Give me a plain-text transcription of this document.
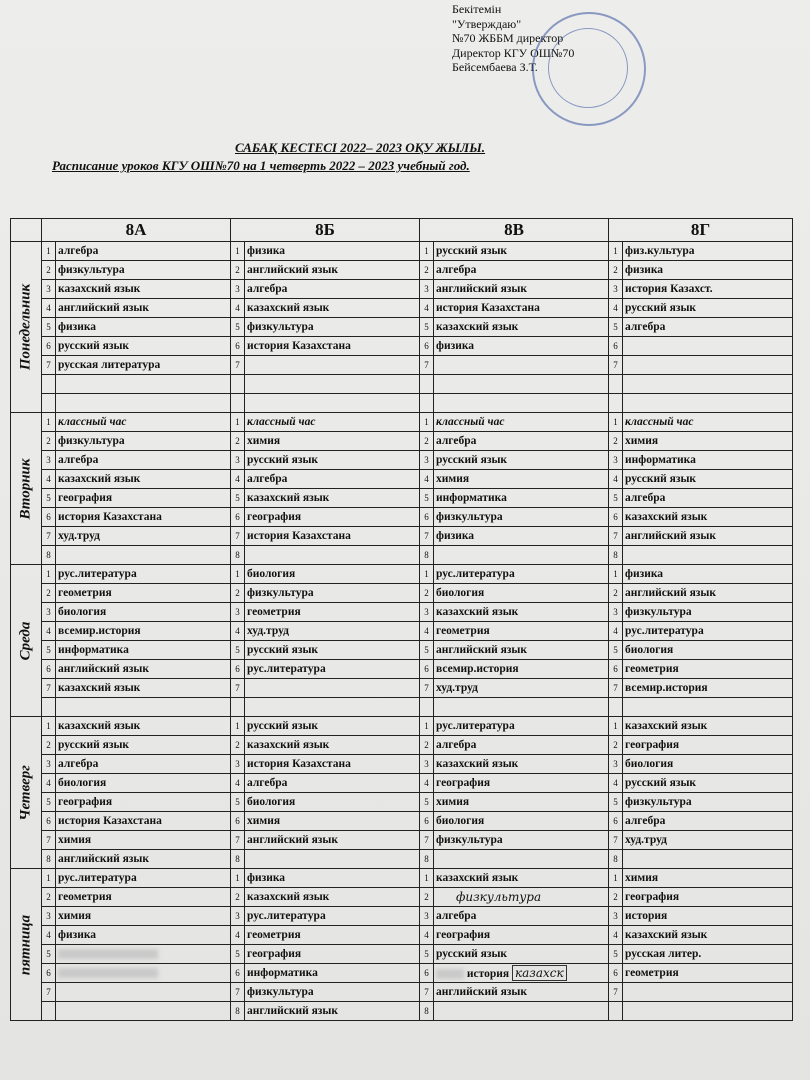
Бекітемін
"Утверждаю"
№70 ЖББМ директор
Директор КГУ ОШ№70
Бейсембаева З.Т.
САБАҚ КЕСТЕСІ 2022– 2023 ОҚУ ЖЫЛЫ.
Расписание уроков КГУ ОШ№70 на 1 четверть 2022 – 2023 учебный год.
	8А		8Б		8В		8Г	

Понедельник	1	алгебра	1	физика	1	русский язык	1	физ.культура
	2	физкультура	2	английский язык	2	алгебра	2	физика
	3	казахский язык	3	алгебра	3	английский язык	3	история Казахст.
	4	английский язык	4	казахский язык	4	история Казахстана	4	русский язык
	5	физика	5	физкультура	5	казахский язык	5	алгебра
	6	русский язык	6	история Казахстана	6	физика	6	
	7	русская литература	7		7		7	

Вторник	1	классный час	1	классный час	1	классный час	1	классный час
	2	физкультура	2	химия	2	алгебра	2	химия
	3	алгебра	3	русский язык	3	русский язык	3	информатика
	4	казахский язык	4	алгебра	4	химия	4	русский язык
	5	география	5	казахский язык	5	информатика	5	алгебра
	6	история Казахстана	6	география	6	физкультура	6	казахский язык
	7	худ.труд	7	история Казахстана	7	физика	7	английский язык
	8		8		8		8	

Среда	1	рус.литература	1	биология	1	рус.литература	1	физика
	2	геометрия	2	физкультура	2	биология	2	английский язык
	3	биология	3	геометрия	3	казахский язык	3	физкультура
	4	всемир.история	4	худ.труд	4	геометрия	4	рус.литература
	5	информатика	5	русский язык	5	английский язык	5	биология
	6	английский язык	6	рус.литература	6	всемир.история	6	геометрия
	7	казахский язык	7		7	худ.труд	7	всемир.история

Четверг	1	казахский язык	1	русский язык	1	рус.литература	1	казахский язык
	2	русский язык	2	казахский язык	2	алгебра	2	география
	3	алгебра	3	история Казахстана	3	казахский язык	3	биология
	4	биология	4	алгебра	4	география	4	русский язык
	5	география	5	биология	5	химия	5	физкультура
	6	история Казахстана	6	химия	6	биология	6	алгебра
	7	химия	7	английский язык	7	физкультура	7	худ.труд
	8	английский язык	8		8		8	

пятница	1	рус.литература	1	физика	1	казахский язык	1	химия
	2	геометрия	2	казахский язык	2	физкультура	2	география
	3	химия	3	рус.литература	3	алгебра	3	история
	4	физика	4	геометрия	4	география	4	казахский язык
	5		5	география	5	русский язык	5	русская литер.
	6		6	информатика	6	история казахск	6	геометрия
	7		7	физкультура	7	английский язык	7	
			8	английский язык	8			
